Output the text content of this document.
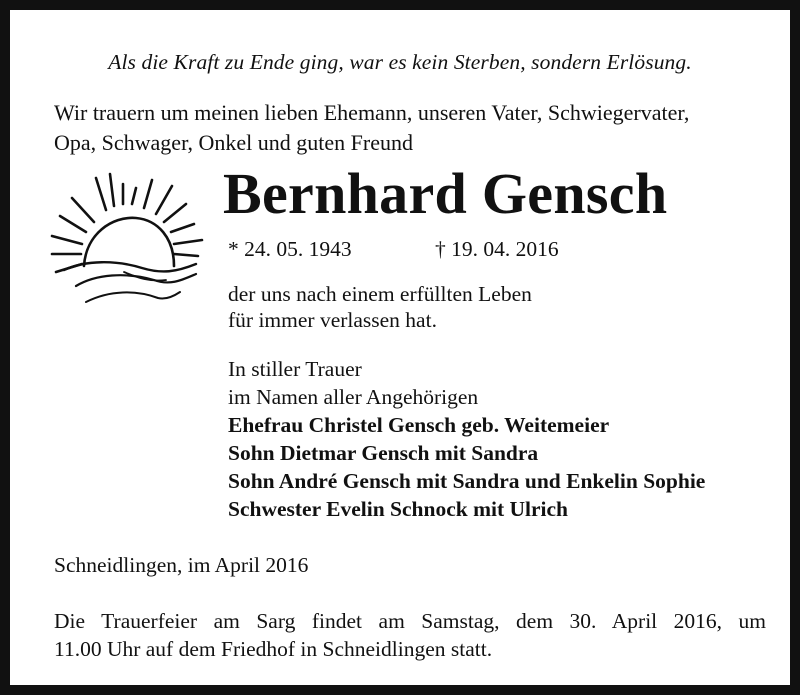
Als die Kraft zu Ende ging, war es kein Sterben, sondern Erlösung.
Wir trauern um meinen lieben Ehemann, unseren Vater, Schwiegervater,
Opa, Schwager, Onkel und guten Freund
Bernhard Gensch
* 24. 05. 1943	† 19. 04. 2016
der uns nach einem erfüllten Leben
für immer verlassen hat.
In stiller Trauer
im Namen aller Angehörigen
Ehefrau Christel Gensch geb. Weitemeier
Sohn Dietmar Gensch mit Sandra
Sohn André Gensch mit Sandra und Enkelin Sophie
Schwester Evelin Schnock mit Ulrich
Schneidlingen, im April 2016
Die Trauerfeier am Sarg findet am Samstag, dem 30. April 2016, um
11.00 Uhr auf dem Friedhof in Schneidlingen statt.
